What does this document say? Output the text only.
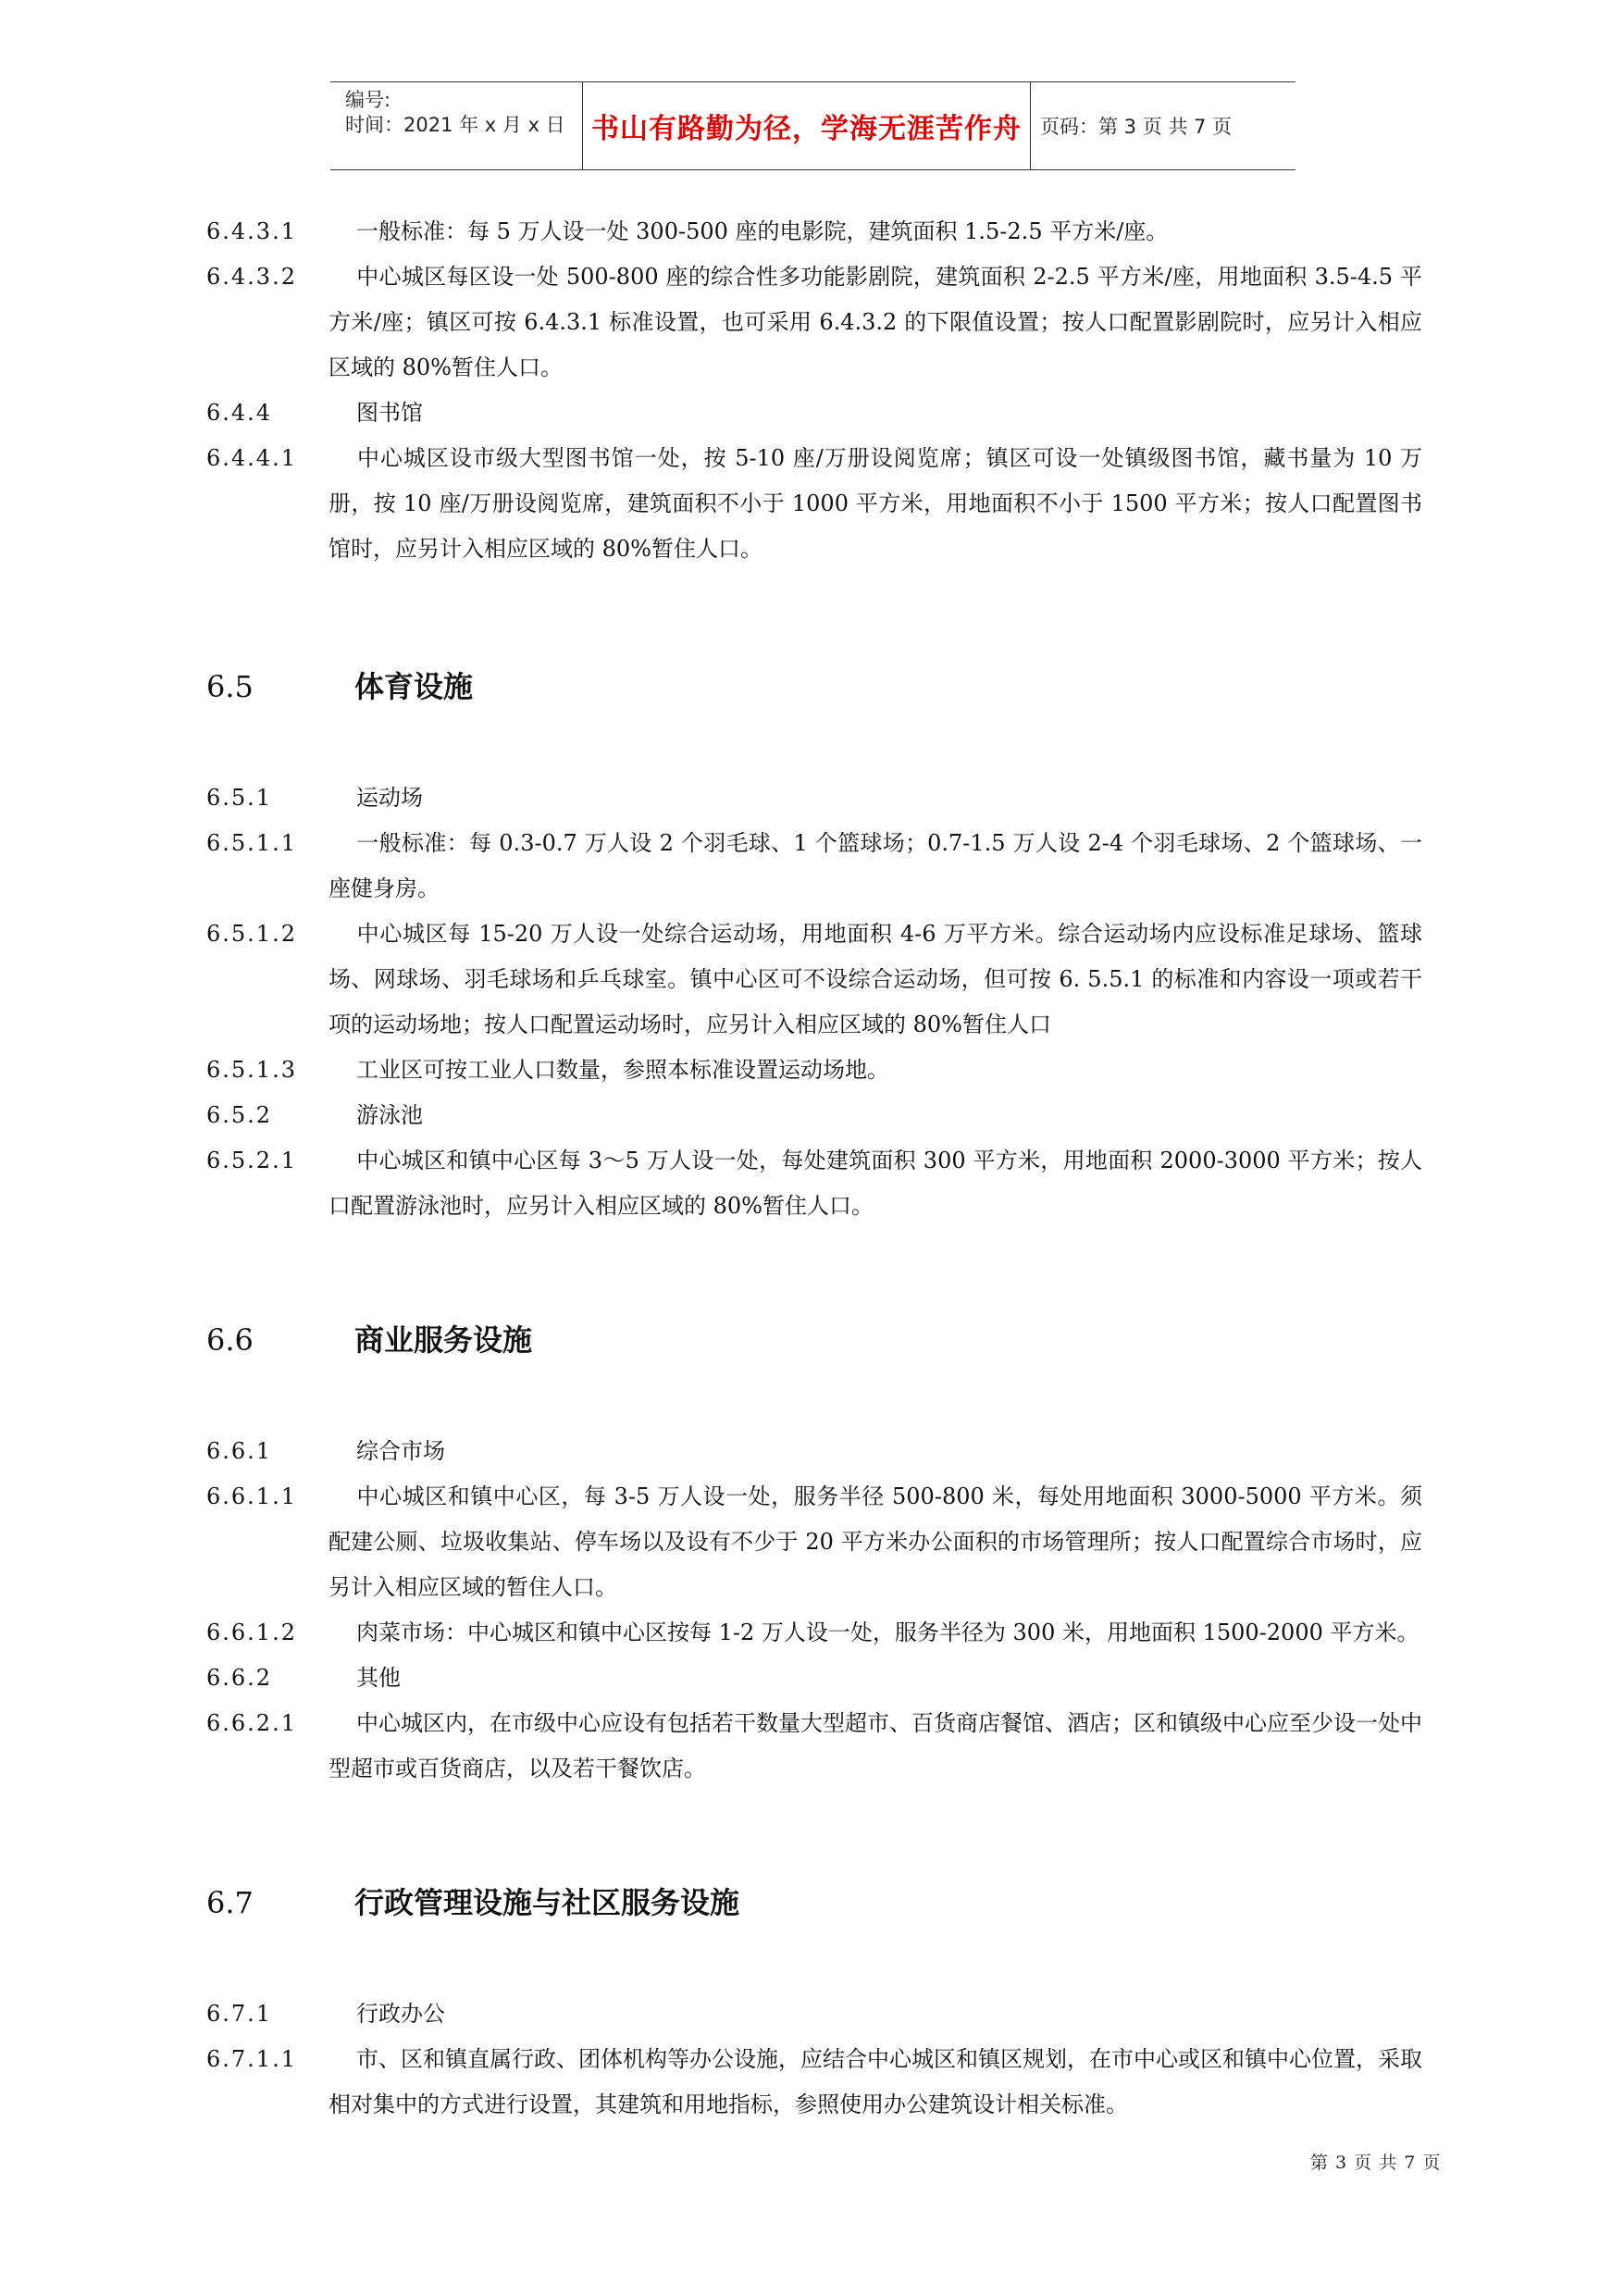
编号:
时间：2021 年 x 月 x 日 书山有路勤为径，学海无涯苦作舟 页码：第 3 页 共 7 页
6.4.3.1	一般标准：每 5 万人设一处 300-500 座的电影院，建筑面积 1.5-2.5 平方米/座。
6.4.3.2	中心城区每区设一处 500-800 座的综合性多功能影剧院，建筑面积 2-2.5 平方米/座，用地面积 3.5-4.5 平方米/座；镇区可按 6.4.3.1 标准设置，也可采用 6.4.3.2 的下限值设置；按人口配置影剧院时，应另计入相应区域的 80%暂住人口。
6.4.4	图书馆
6.4.4.1	中心城区设市级大型图书馆一处，按 5-10 座/万册设阅览席；镇区可设一处镇级图书馆，藏书量为 10 万册，按 10 座/万册设阅览席，建筑面积不小于 1000 平方米，用地面积不小于 1500 平方米；按人口配置图书馆时，应另计入相应区域的 80%暂住人口。
6.5	体育设施
6.5.1	运动场
6.5.1.1	一般标准：每 0.3-0.7 万人设 2 个羽毛球、1 个篮球场；0.7-1.5 万人设 2-4 个羽毛球场、2 个篮球场、一座健身房。
6.5.1.2	中心城区每 15-20 万人设一处综合运动场，用地面积 4-6 万平方米。综合运动场内应设标准足球场、篮球场、网球场、羽毛球场和乒乓球室。镇中心区可不设综合运动场，但可按 6. 5.5.1 的标准和内容设一项或若干项的运动场地；按人口配置运动场时，应另计入相应区域的 80%暂住人口
6.5.1.3	工业区可按工业人口数量，参照本标准设置运动场地。
6.5.2	游泳池
6.5.2.1	中心城区和镇中心区每 3～5 万人设一处，每处建筑面积 300 平方米，用地面积 2000-3000 平方米；按人口配置游泳池时，应另计入相应区域的 80%暂住人口。
6.6	商业服务设施
6.6.1	综合市场
6.6.1.1	中心城区和镇中心区，每 3-5 万人设一处，服务半径 500-800 米，每处用地面积 3000-5000 平方米。须配建公厕、垃圾收集站、停车场以及设有不少于 20 平方米办公面积的市场管理所；按人口配置综合市场时，应另计入相应区域的暂住人口。
6.6.1.2	肉菜市场：中心城区和镇中心区按每 1-2 万人设一处，服务半径为 300 米，用地面积 1500-2000 平方米。
6.6.2	其他
6.6.2.1	中心城区内，在市级中心应设有包括若干数量大型超市、百货商店餐馆、酒店；区和镇级中心应至少设一处中型超市或百货商店，以及若干餐饮店。
6.7	行政管理设施与社区服务设施
6.7.1	行政办公
6.7.1.1	市、区和镇直属行政、团体机构等办公设施，应结合中心城区和镇区规划，在市中心或区和镇中心位置，采取相对集中的方式进行设置，其建筑和用地指标，参照使用办公建筑设计相关标准。
第 3 页 共 7 页
